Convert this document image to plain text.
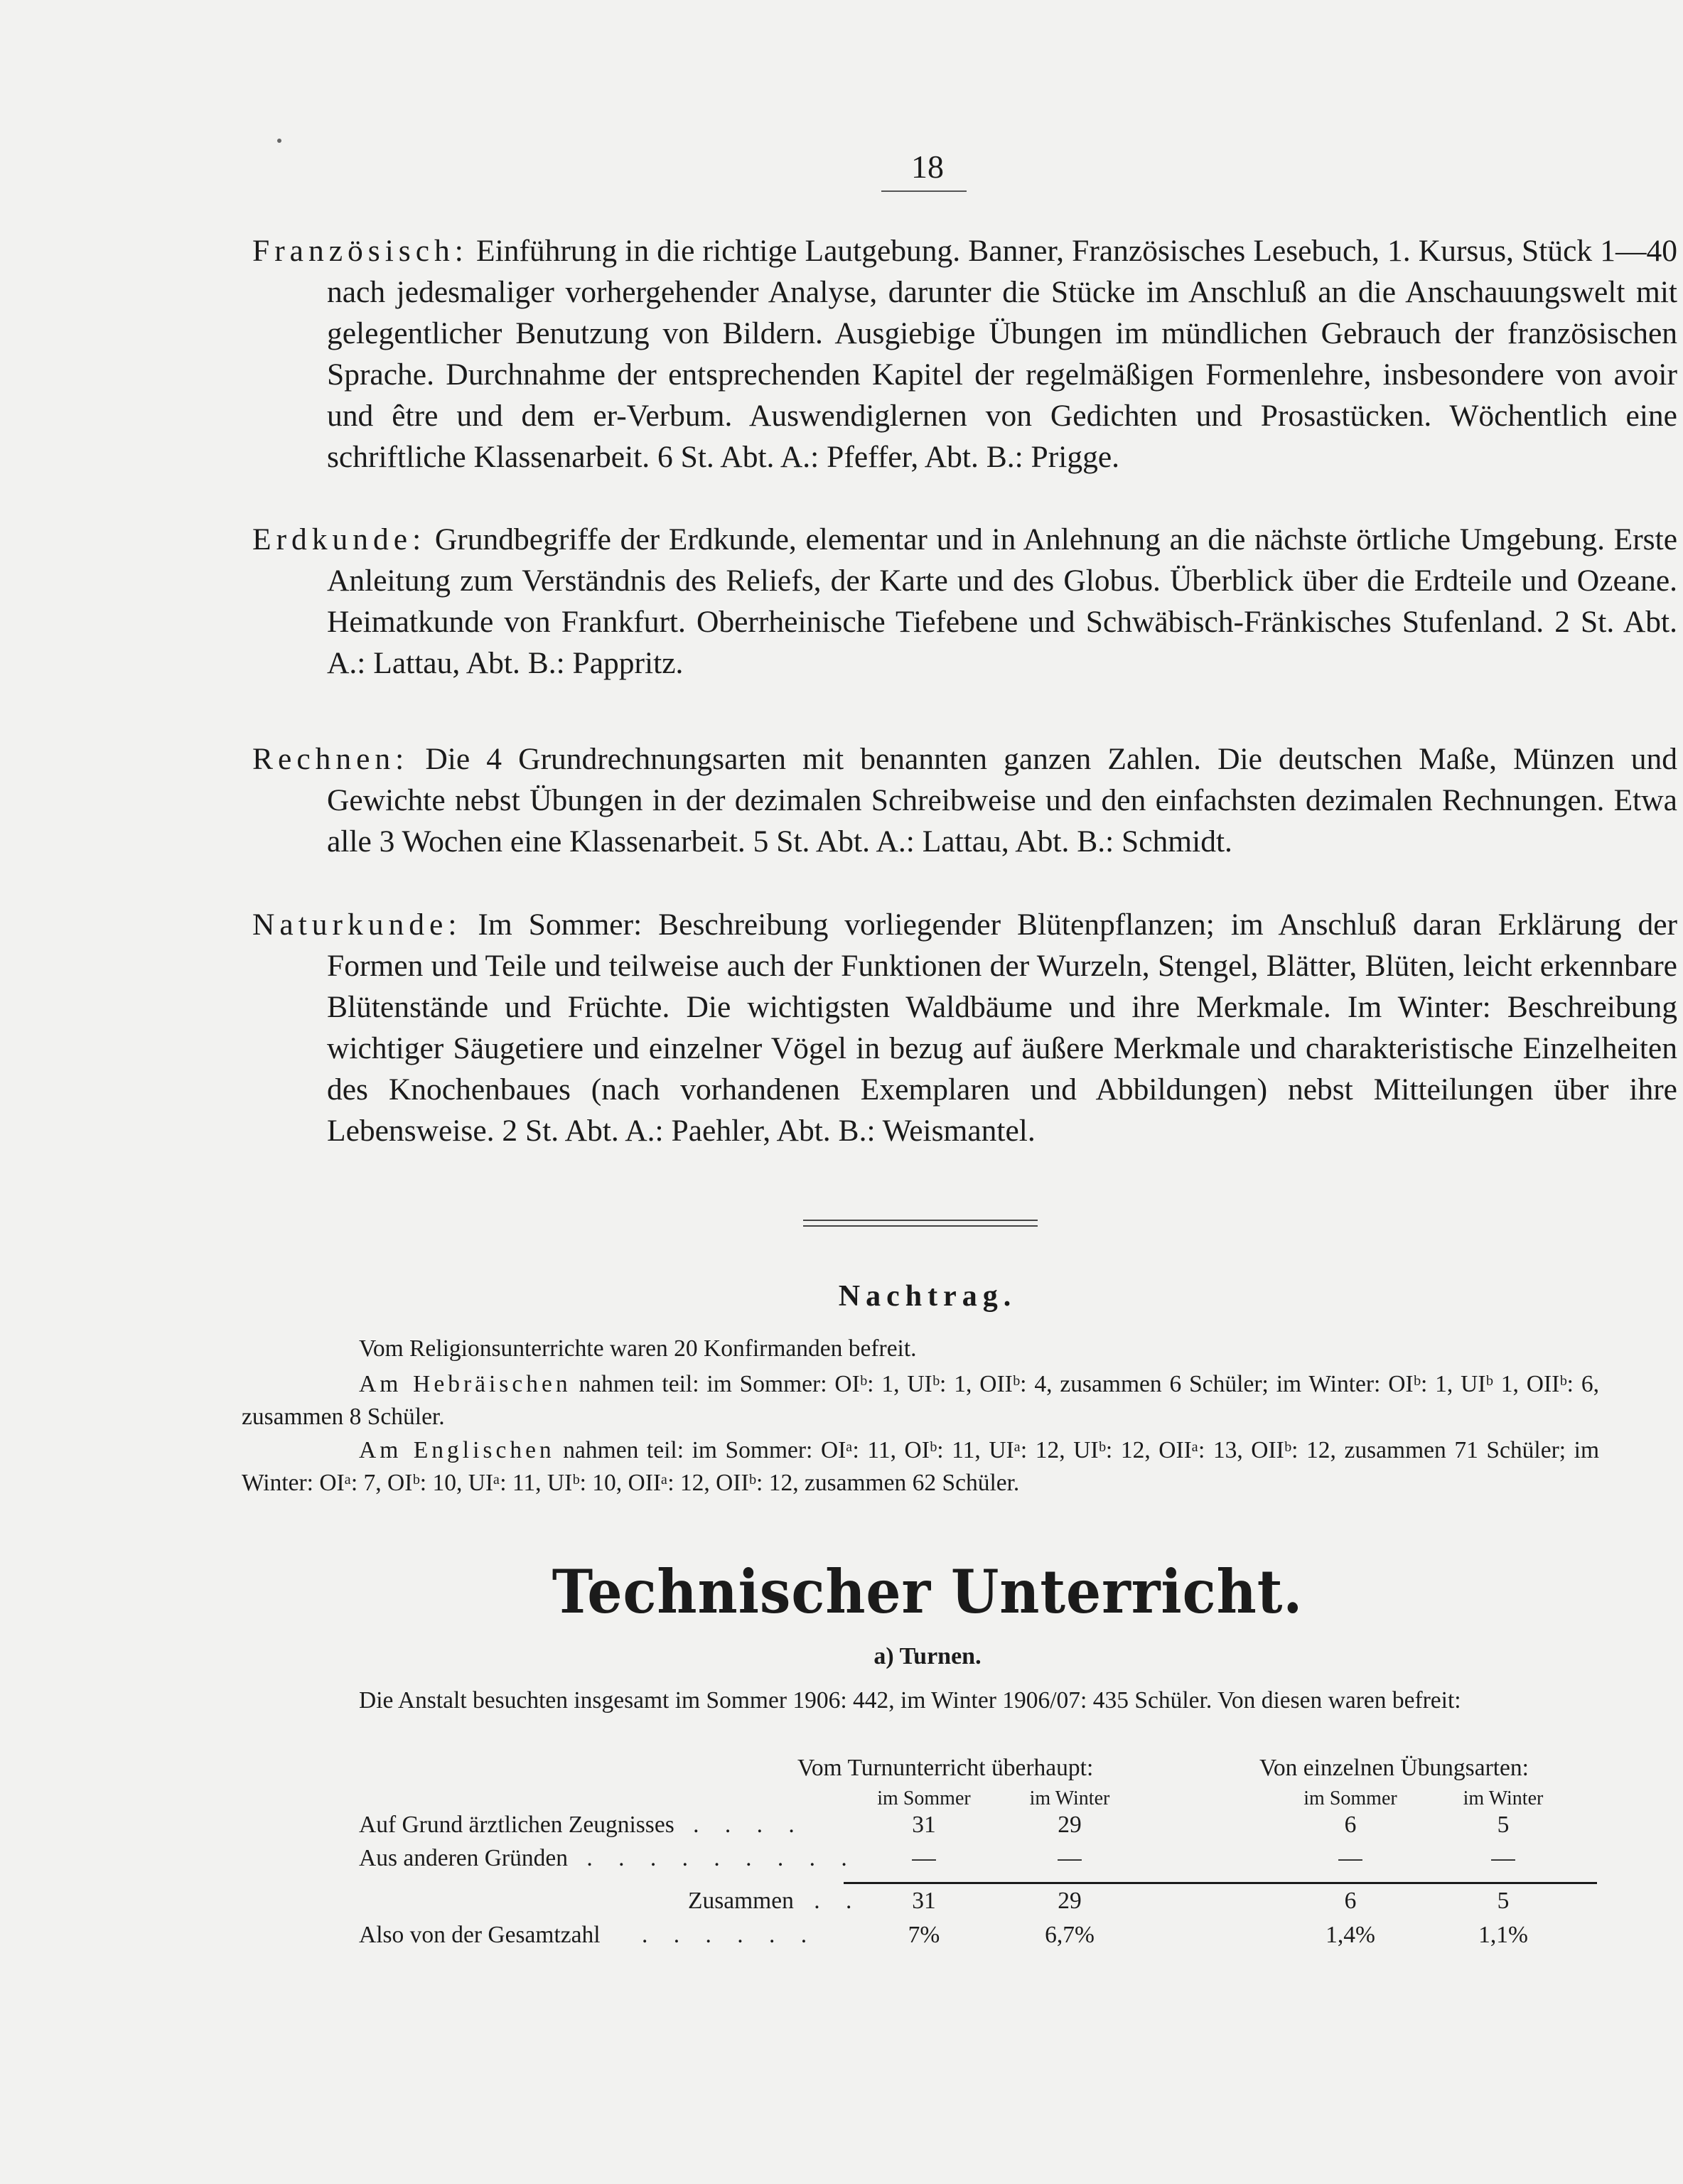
18
Französisch: Einführung in die richtige Lautgebung. Banner, Französisches Lesebuch, 1. Kursus, Stück 1—40 nach jedesmaliger vorhergehender Analyse, darunter die Stücke im Anschluß an die Anschauungswelt mit gelegentlicher Benutzung von Bildern. Ausgiebige Übungen im mündlichen Gebrauch der französischen Sprache. Durchnahme der entsprechenden Kapitel der regelmäßigen Formenlehre, insbesondere von avoir und être und dem er-Verbum. Auswendiglernen von Gedichten und Prosastücken. Wöchentlich eine schriftliche Klassenarbeit. 6 St. Abt. A.: Pfeffer, Abt. B.: Prigge.
Erdkunde: Grundbegriffe der Erdkunde, elementar und in Anlehnung an die nächste örtliche Umgebung. Erste Anleitung zum Verständnis des Reliefs, der Karte und des Globus. Überblick über die Erdteile und Ozeane. Heimatkunde von Frankfurt. Oberrheinische Tiefebene und Schwäbisch-Fränkisches Stufenland. 2 St. Abt. A.: Lattau, Abt. B.: Pappritz.
Rechnen: Die 4 Grundrechnungsarten mit benannten ganzen Zahlen. Die deutschen Maße, Münzen und Gewichte nebst Übungen in der dezimalen Schreibweise und den einfachsten dezimalen Rechnungen. Etwa alle 3 Wochen eine Klassenarbeit. 5 St. Abt. A.: Lattau, Abt. B.: Schmidt.
Naturkunde: Im Sommer: Beschreibung vorliegender Blütenpflanzen; im Anschluß daran Erklärung der Formen und Teile und teilweise auch der Funktionen der Wurzeln, Stengel, Blätter, Blüten, leicht erkennbare Blütenstände und Früchte. Die wichtigsten Waldbäume und ihre Merkmale. Im Winter: Beschreibung wichtiger Säugetiere und einzelner Vögel in bezug auf äußere Merkmale und charakteristische Einzelheiten des Knochenbaues (nach vorhandenen Exemplaren und Abbildungen) nebst Mitteilungen über ihre Lebensweise. 2 St. Abt. A.: Paehler, Abt. B.: Weismantel.
Nachtrag.
Vom Religionsunterrichte waren 20 Konfirmanden befreit.
Am Hebräischen nahmen teil: im Sommer: OIᵇ: 1, UIᵇ: 1, OIIᵇ: 4, zusammen 6 Schüler; im Winter: OIᵇ: 1, UIᵇ 1, OIIᵇ: 6, zusammen 8 Schüler.
Am Englischen nahmen teil: im Sommer: OIᵃ: 11, OIᵇ: 11, UIᵃ: 12, UIᵇ: 12, OIIᵃ: 13, OIIᵇ: 12, zusammen 71 Schüler; im Winter: OIᵃ: 7, OIᵇ: 10, UIᵃ: 11, UIᵇ: 10, OIIᵃ: 12, OIIᵇ: 12, zusammen 62 Schüler.
Technischer Unterricht.
a) Turnen.
Die Anstalt besuchten insgesamt im Sommer 1906: 442, im Winter 1906/07: 435 Schüler. Von diesen waren befreit:
Vom Turnunterricht überhaupt:	Von einzelnen Übungsarten:
im Sommer	im Winter	im Sommer	im Winter
Auf Grund ärztlichen Zeugnisses . . . .	31	29	6	5
Aus anderen Gründen . . . . . . . . .	—	—	—	—
Zusammen . .	31	29	6	5
Also von der Gesamtzahl . . . . . .	7%	6,7%	1,4%	1,1%
